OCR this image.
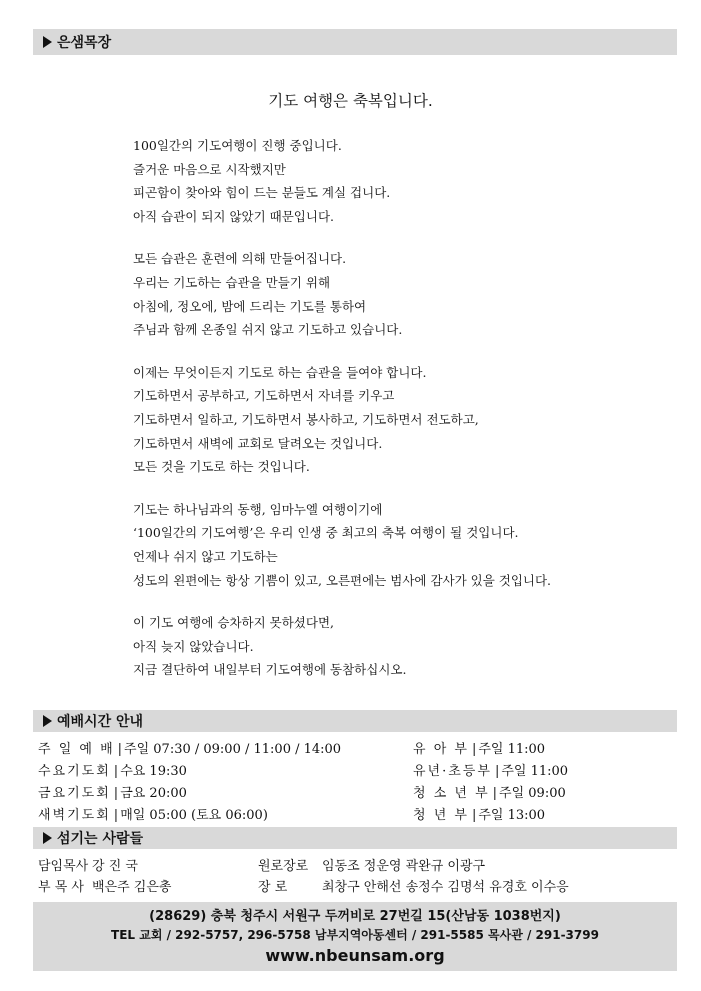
은샘목장
기도 여행은 축복입니다.
100일간의 기도여행이 진행 중입니다.
즐거운 마음으로 시작했지만
피곤함이 찾아와 힘이 드는 분들도 계실 겁니다.
아직 습관이 되지 않았기 때문입니다.
모든 습관은 훈련에 의해 만들어집니다.
우리는 기도하는 습관을 만들기 위해
아침에, 정오에, 밤에 드리는 기도를 통하여
주님과 함께 온종일 쉬지 않고 기도하고 있습니다.
이제는 무엇이든지 기도로 하는 습관을 들여야 합니다.
기도하면서 공부하고, 기도하면서 자녀를 키우고
기도하면서 일하고, 기도하면서 봉사하고, 기도하면서 전도하고,
기도하면서 새벽에 교회로 달려오는 것입니다.
모든 것을 기도로 하는 것입니다.
기도는 하나님과의 동행, 임마누엘 여행이기에
‘100일간의 기도여행’은 우리 인생 중 최고의 축복 여행이 될 것입니다.
언제나 쉬지 않고 기도하는
성도의 왼편에는 항상 기쁨이 있고, 오른편에는 범사에 감사가 있을 것입니다.
이 기도 여행에 승차하지 못하셨다면,
아직 늦지 않았습니다.
지금 결단하여 내일부터 기도여행에 동참하십시오.
예배시간 안내
주 일 예 배 | 주일 07:30 / 09:00 / 11:00 / 14:00
수요기도회 | 수요 19:30
금요기도회 | 금요 20:00
새벽기도회 | 매일 05:00 (토요 06:00)
유 아 부 | 주일 11:00
유년·초등부 | 주일 11:00
청 소 년 부 | 주일 09:00
청 년 부 | 주일 13:00
섬기는 사람들
담임목사 강 진 국	원로장로 임동조 정운영 곽완규 이광구
부 목 사 백은주 김은총	장 로	최창구 안해선 송정수 김명석 유경호 이수응
(28629) 충북 청주시 서원구 두꺼비로 27번길 15(산남동 1038번지)
TEL 교회 / 292-5757, 296-5758 남부지역아동센터 / 291-5585 목사관 / 291-3799
www.nbeunsam.org
